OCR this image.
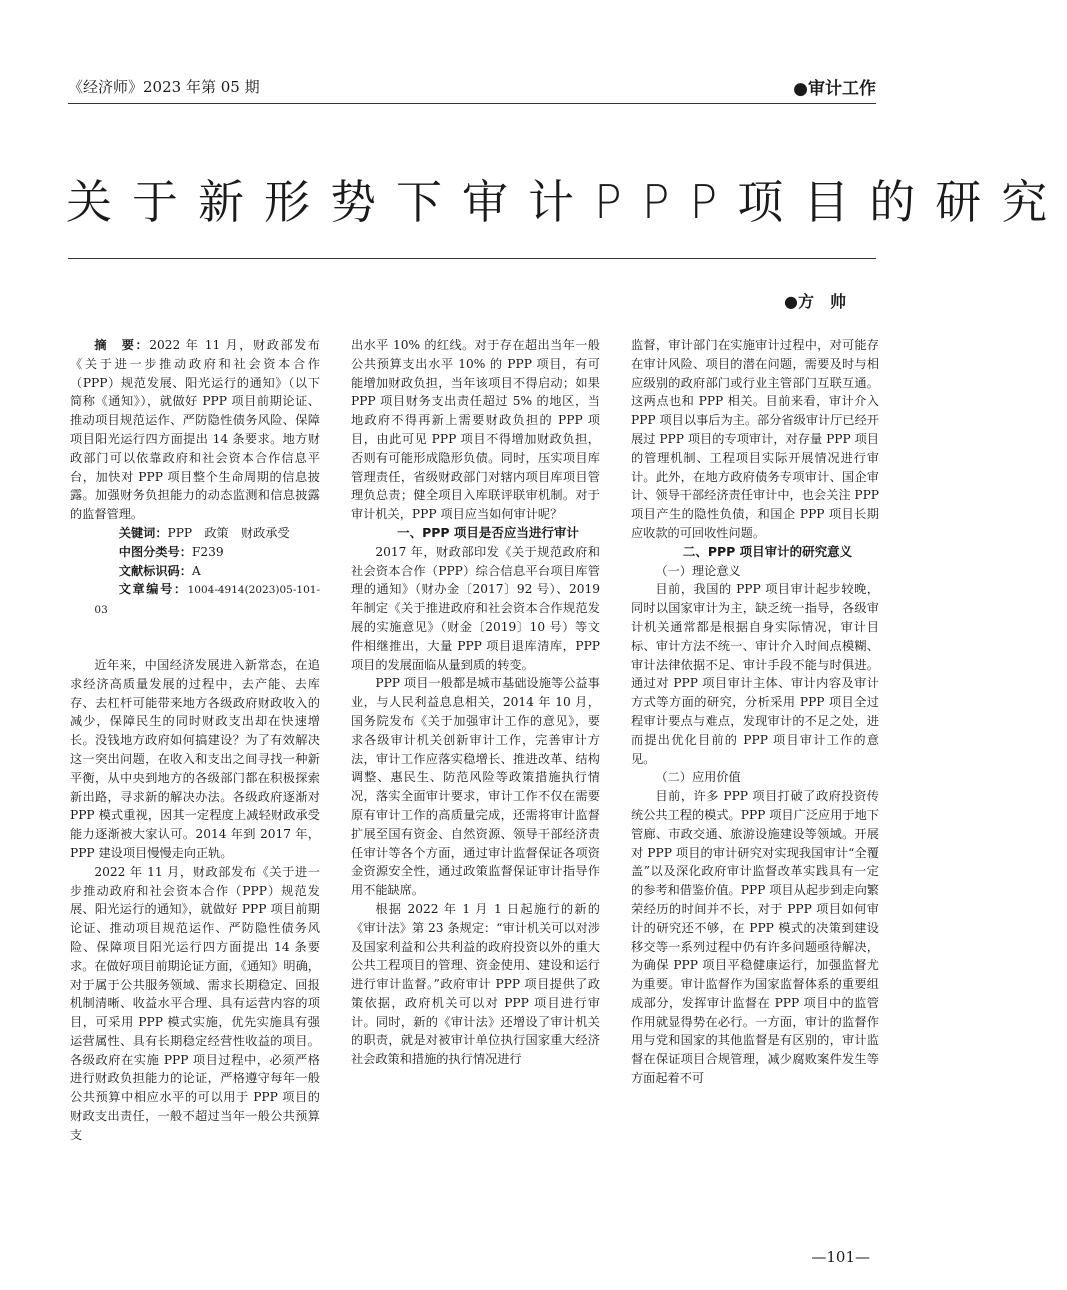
《经济师》2023 年第 05 期	●审计工作
关于新形势下审计PPP项目的研究
●方　帅

摘　要：2022 年 11 月，财政部发布《关于进一步推动政府和社会资本合作（PPP）规范发展、阳光运行的通知》（以下简称《通知》），就做好 PPP 项目前期论证、推动项目规范运作、严防隐性债务风险、保障项目阳光运行四方面提出 14 条要求。地方财政部门可以依靠政府和社会资本合作信息平台，加快对 PPP 项目整个生命周期的信息披露。加强财务负担能力的动态监测和信息披露的监督管理。

关键词：PPP　政策　财政承受

中图分类号：F239

文献标识码：A

文章编号：1004-4914(2023)05-101-03

近年来，中国经济发展进入新常态，在追求经济高质量发展的过程中，去产能、去库存、去杠杆可能带来地方各级政府财政收入的减少，保障民生的同时财政支出却在快速增长。没钱地方政府如何搞建设？为了有效解决这一突出问题，在收入和支出之间寻找一种新平衡，从中央到地方的各级部门都在积极探索新出路，寻求新的解决办法。各级政府逐渐对 PPP 模式重视，因其一定程度上减轻财政承受能力逐渐被大家认可。2014 年到 2017 年，PPP 建设项目慢慢走向正轨。

2022 年 11 月，财政部发布《关于进一步推动政府和社会资本合作（PPP）规范发展、阳光运行的通知》，就做好 PPP 项目前期论证、推动项目规范运作、严防隐性债务风险、保障项目阳光运行四方面提出 14 条要求。在做好项目前期论证方面，《通知》明确，对于属于公共服务领域、需求长期稳定、回报机制清晰、收益水平合理、具有运营内容的项目，可采用 PPP 模式实施，优先实施具有强运营属性、具有长期稳定经营性收益的项目。各级政府在实施 PPP 项目过程中，必须严格进行财政负担能力的论证，严格遵守每年一般公共预算中相应水平的可以用于 PPP 项目的财政支出责任，一般不超过当年一般公共预算支

出水平 10% 的红线。对于存在超出当年一般公共预算支出水平 10% 的 PPP 项目，有可能增加财政负担，当年该项目不得启动；如果 PPP 项目财务支出责任超过 5% 的地区，当地政府不得再新上需要财政负担的 PPP 项目，由此可见 PPP 项目不得增加财政负担，否则有可能形成隐形负债。同时，压实项目库管理责任，省级财政部门对辖内项目库项目管理负总责；健全项目入库联评联审机制。对于审计机关，PPP 项目应当如何审计呢？

一、PPP 项目是否应当进行审计

2017 年，财政部印发《关于规范政府和社会资本合作（PPP）综合信息平台项目库管理的通知》（财办金〔2017〕92 号）、2019 年制定《关于推进政府和社会资本合作规范发展的实施意见》（财金〔2019〕10 号）等文件相继推出，大量 PPP 项目退库清库，PPP 项目的发展面临从量到质的转变。

PPP 项目一般都是城市基础设施等公益事业，与人民利益息息相关，2014 年 10 月，国务院发布《关于加强审计工作的意见》，要求各级审计机关创新审计工作，完善审计方法，审计工作应落实稳增长、推进改革、结构调整、惠民生、防范风险等政策措施执行情况，落实全面审计要求，审计工作不仅在需要原有审计工作的高质量完成，还需将审计监督扩展至国有资金、自然资源、领导干部经济责任审计等各个方面，通过审计监督保证各项资金资源安全性，通过政策监督保证审计指导作用不能缺席。

根据 2022 年 1 月 1 日起施行的新的《审计法》第 23 条规定：“审计机关可以对涉及国家利益和公共利益的政府投资以外的重大公共工程项目的管理、资金使用、建设和运行进行审计监督。”政府审计 PPP 项目提供了政策依据，政府机关可以对 PPP 项目进行审计。同时，新的《审计法》还增设了审计机关的职责，就是对被审计单位执行国家重大经济社会政策和措施的执行情况进行

监督，审计部门在实施审计过程中，对可能存在审计风险、项目的潜在问题，需要及时与相应级别的政府部门或行业主管部门互联互通。这两点也和 PPP 相关。目前来看，审计介入 PPP 项目以事后为主。部分省级审计厅已经开展过 PPP 项目的专项审计，对存量 PPP 项目的管理机制、工程项目实际开展情况进行审计。此外，在地方政府债务专项审计、国企审计、领导干部经济责任审计中，也会关注 PPP 项目产生的隐性负债，和国企 PPP 项目长期应收款的可回收性问题。

二、PPP 项目审计的研究意义

（一）理论意义

目前，我国的 PPP 项目审计起步较晚，同时以国家审计为主，缺乏统一指导，各级审计机关通常都是根据自身实际情况，审计目标、审计方法不统一、审计介入时间点模糊、审计法律依据不足、审计手段不能与时俱进。通过对 PPP 项目审计主体、审计内容及审计方式等方面的研究，分析采用 PPP 项目全过程审计要点与难点，发现审计的不足之处，进而提出优化目前的 PPP 项目审计工作的意见。

（二）应用价值

目前，许多 PPP 项目打破了政府投资传统公共工程的模式。PPP 项目广泛应用于地下管廊、市政交通、旅游设施建设等领域。开展对 PPP 项目的审计研究对实现我国审计“全覆盖”以及深化政府审计监督改革实践具有一定的参考和借鉴价值。PPP 项目从起步到走向繁荣经历的时间并不长，对于 PPP 项目如何审计的研究还不够，在 PPP 模式的决策到建设移交等一系列过程中仍有许多问题亟待解决，为确保 PPP 项目平稳健康运行，加强监督尤为重要。审计监督作为国家监督体系的重要组成部分，发挥审计监督在 PPP 项目中的监管作用就显得势在必行。一方面，审计的监督作用与党和国家的其他监督是有区别的，审计监督在保证项目合规管理，减少腐败案件发生等方面起着不可

—101—
